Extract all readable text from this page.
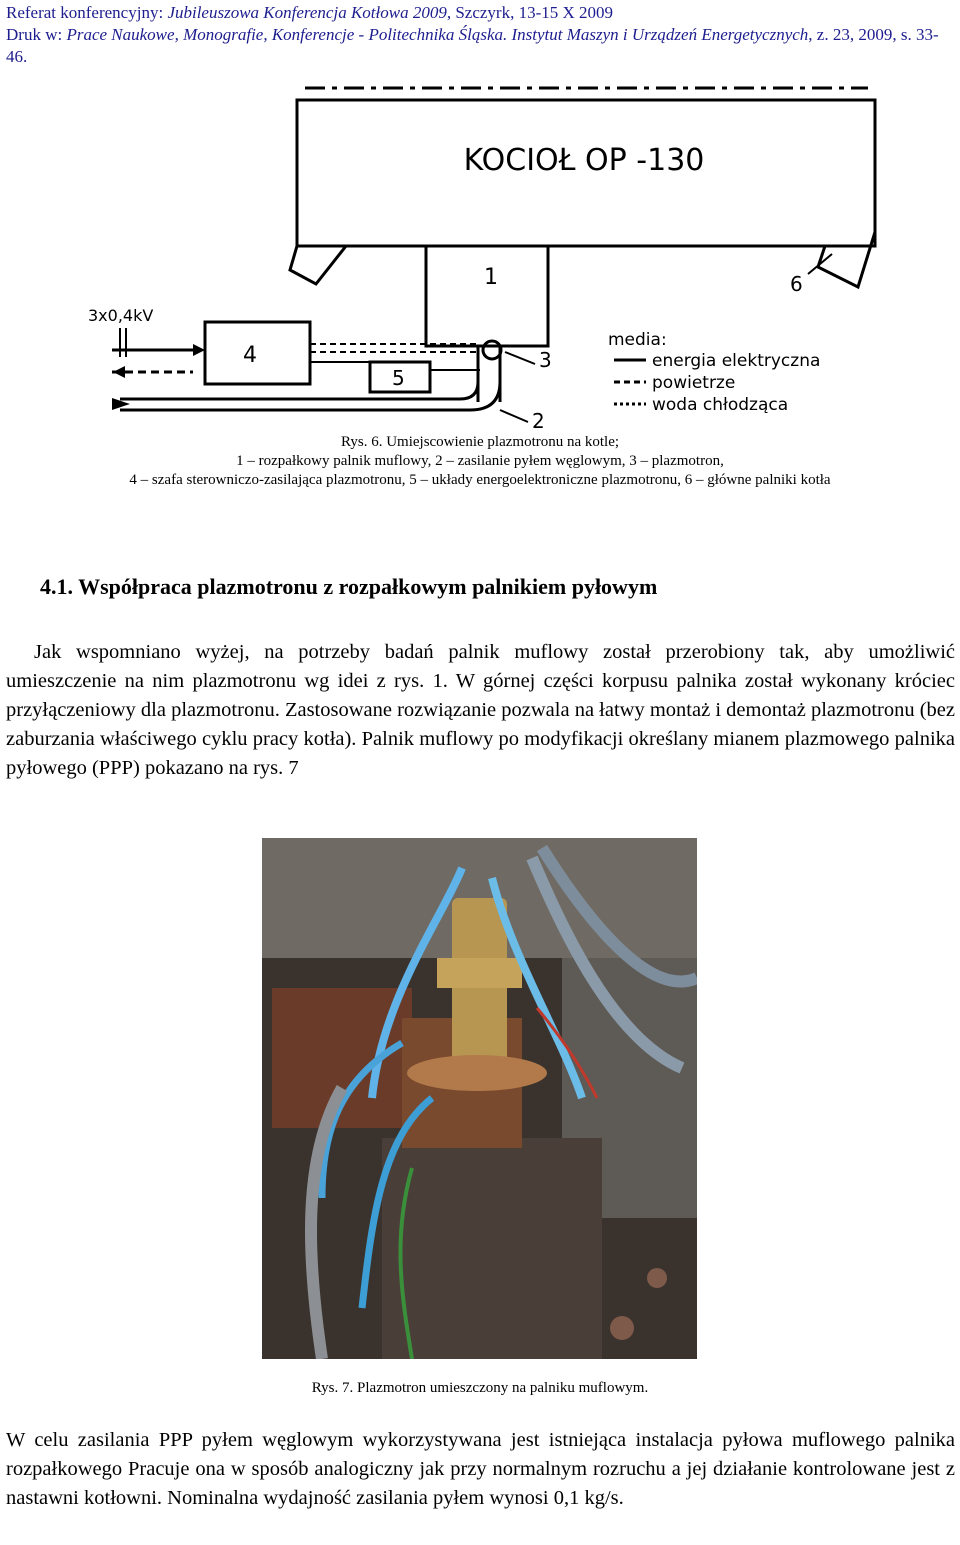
Referat konferencyjny: Jubileuszowa Konferencja Kotłowa 2009, Szczyrk, 13-15 X 2009
Druk w: Prace Naukowe, Monografie, Konferencje - Politechnika Śląska. Instytut Maszyn i Urządzeń Energetycznych, z. 23, 2009, s. 33-46.
KOCIOŁ OP -130
1	6
3x0,4kV
4
5
3
2
media:
energia elektryczna
powietrze
woda chłodząca
Rys. 6. Umiejscowienie plazmotronu na kotle;
1 – rozpałkowy palnik muflowy, 2 – zasilanie pyłem węglowym, 3 – plazmotron,
4 – szafa sterowniczo-zasilająca plazmotronu, 5 – układy energoelektroniczne plazmotronu, 6 – główne palniki kotła
4.1. Współpraca plazmotronu z rozpałkowym palnikiem pyłowym

Jak wspomniano wyżej, na potrzeby badań palnik muflowy został przerobiony tak, aby umożliwić umieszczenie na nim plazmotronu wg idei z rys. 1. W górnej części korpusu palnika został wykonany króciec przyłączeniowy dla plazmotronu. Zastosowane rozwiązanie pozwala na łatwy montaż i demontaż plazmotronu (bez zaburzania właściwego cyklu pracy kotła). Palnik muflowy po modyfikacji określany mianem plazmowego palnika pyłowego (PPP) pokazano na rys. 7

Rys. 7. Plazmotron umieszczony na palniku muflowym.
W celu zasilania PPP pyłem węglowym wykorzystywana jest istniejąca instalacja pyłowa muflowego palnika rozpałkowego Pracuje ona w sposób analogiczny jak przy normalnym rozruchu a jej działanie kontrolowane jest z nastawni kotłowni. Nominalna wydajność zasilania pyłem wynosi 0,1 kg/s.
